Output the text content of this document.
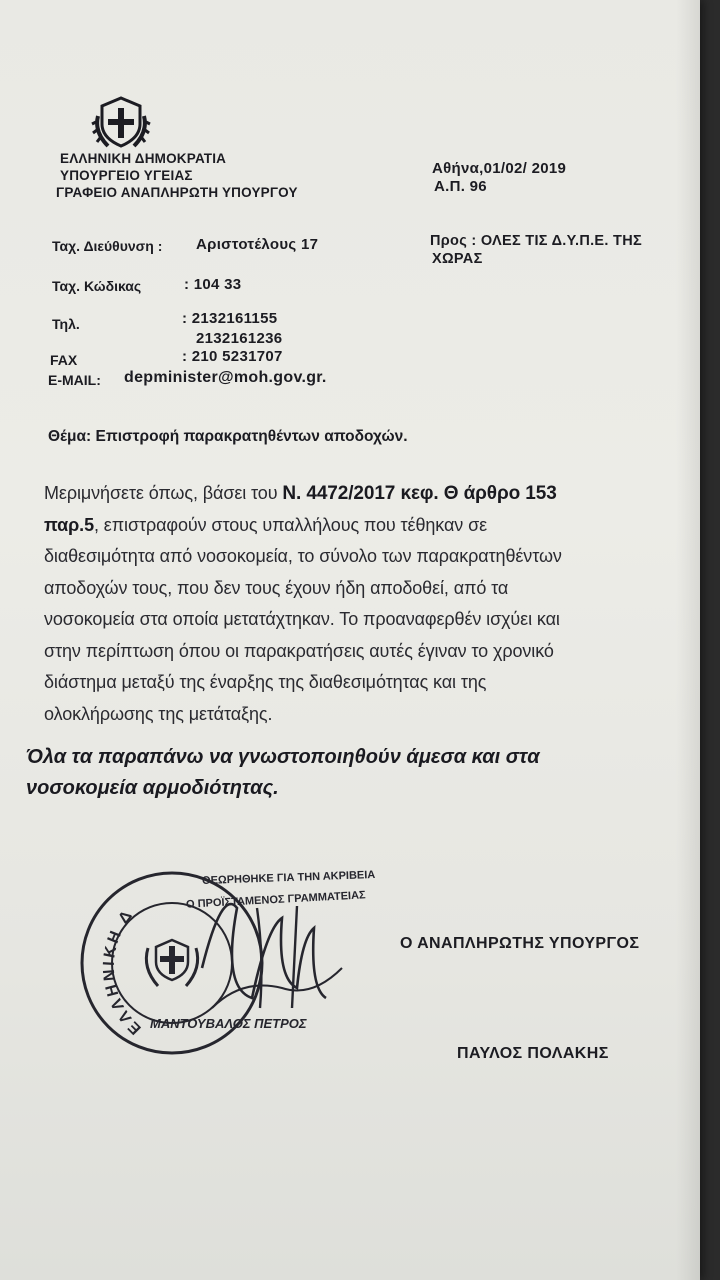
ΕΛΛΗΝΙΚΗ ΔΗΜΟΚΡΑΤΙΑ
ΥΠΟΥΡΓΕΙΟ ΥΓΕΙΑΣ
ΓΡΑΦΕΙΟ ΑΝΑΠΛΗΡΩΤΗ ΥΠΟΥΡΓΟΥ
Αθήνα,01/02/ 2019
Α.Π. 96
Ταχ. Διεύθυνση : Αριστοτέλους 17
Ταχ. Κώδικας	: 104 33
Τηλ.	: 2132161155
2132161236
FAX	: 210 5231707
E-MAIL: depminister@moh.gov.gr.
Προς : ΟΛΕΣ ΤΙΣ Δ.Υ.Π.Ε. ΤΗΣ
ΧΩΡΑΣ
Θέμα: Επιστροφή παρακρατηθέντων αποδοχών.
Μεριμνήσετε όπως, βάσει του Ν. 4472/2017 κεφ. Θ άρθρο 153
παρ.5, επιστραφούν στους υπαλλήλους που τέθηκαν σε
διαθεσιμότητα από νοσοκομεία, το σύνολο των παρακρατηθέντων
αποδοχών τους, που δεν τους έχουν ήδη αποδοθεί, από τα
νοσοκομεία στα οποία μετατάχτηκαν. Το προαναφερθέν ισχύει και
στην περίπτωση όπου οι παρακρατήσεις αυτές έγιναν το χρονικό
διάστημα μεταξύ της έναρξης της διαθεσιμότητας και της
ολοκλήρωσης της μετάταξης.
Όλα τα παραπάνω να γνωστοποιηθούν άμεσα και στα
νοσοκομεία αρμοδιότητας.
ΕΛΛΗΝΙΚΗ Δ
ΘΕΩΡΗΘΗΚΕ ΓΙΑ ΤΗΝ ΑΚΡΙΒΕΙΑ
Ο ΠΡΟΪΣΤΑΜΕΝΟΣ ΓΡΑΜΜΑΤΕΙΑΣ
ΜΑΝΤΟΥΒΑΛΟΣ ΠΕΤΡΟΣ
Ο ΑΝΑΠΛΗΡΩΤΗΣ ΥΠΟΥΡΓΟΣ
ΠΑΥΛΟΣ ΠΟΛΑΚΗΣ
